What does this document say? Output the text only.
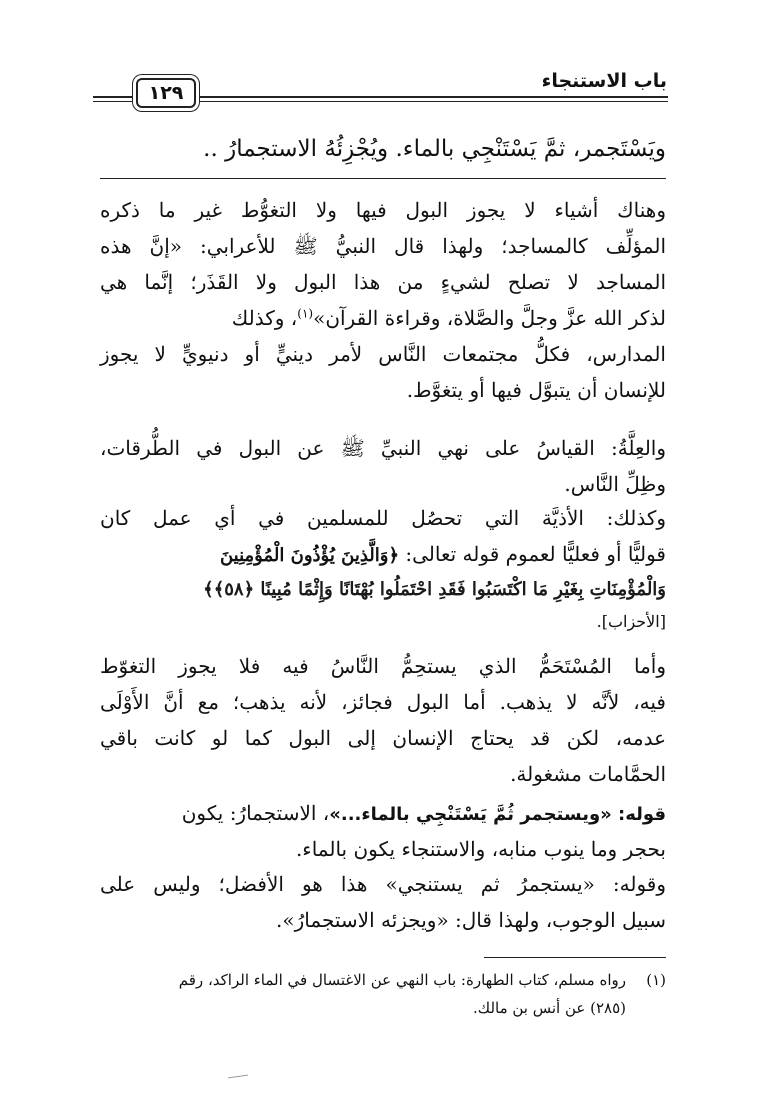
باب الاستنجاء
١٢٩
ويَسْتَجمر، ثمَّ يَسْتَنْجِي بالماء. ويُجْزِئُهُ الاستجمارُ ..
وهناك أشياء لا يجوز البول فيها ولا التغوُّط غير ما ذكره
المؤلِّف كالمساجد؛ ولهذا قال النبيُّ ﷺ للأعرابي: «إنَّ هذه
المساجد لا تصلح لشيءٍ من هذا البول ولا القَذَر؛ إنَّما هي
لذكر الله عزَّ وجلَّ والصَّلاة، وقراءة القرآن»$^{(١)}$، وكذلك
المدارس، فكلُّ مجتمعات النَّاس لأمر دينيٍّ أو دنيويٍّ لا يجوز
للإنسان أن يتبوَّل فيها أو يتغوَّط.
والعِلَّةُ: القياسُ على نهي النبيِّ ﷺ عن البول في الطُّرقات،
وظِلِّ النَّاس.
وكذلك: الأذيَّة التي تحصُل للمسلمين في أي عمل كان
قوليًّا أو فعليًّا لعموم قوله تعالى: ﴿وَالَّذِينَ يُؤْذُونَ الْمُؤْمِنِينَ
وَالْمُؤْمِنَاتِ بِغَيْرِ مَا اكْتَسَبُوا فَقَدِ احْتَمَلُوا بُهْتَانًا وَإِثْمًا مُبِينًا ﴿٥٨﴾﴾
[الأحزاب].
وأما المُسْتَحَمُّ الذي يستحِمُّ النَّاسُ فيه فلا يجوز التغوّط
فيه، لأنَّه لا يذهب. أما البول فجائز، لأنه يذهب؛ مع أنَّ الأَوْلَى
عدمه، لكن قد يحتاج الإنسان إلى البول كما لو كانت باقي
الحمَّامات مشغولة.
قوله: «ويستجمر ثُمَّ يَسْتَنْجِي بالماء...»، الاستجمارُ: يكون
بحجر وما ينوب منابه، والاستنجاء يكون بالماء.
وقوله: «يستجمرُ ثم يستنجي» هذا هو الأفضل؛ وليس على
سبيل الوجوب، ولهذا قال: «ويجزئه الاستجمارُ».
(١)رواه مسلم، كتاب الطهارة: باب النهي عن الاغتسال في الماء الراكد، رقم
(٢٨٥) عن أنس بن مالك.
